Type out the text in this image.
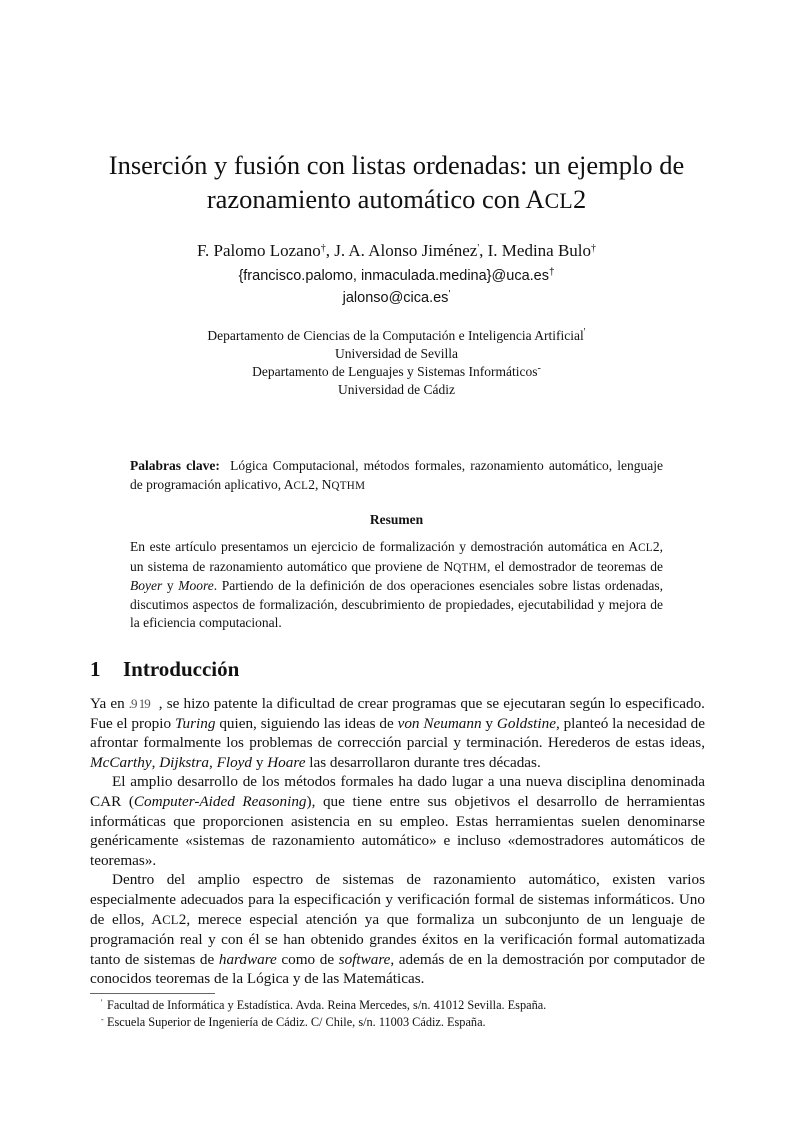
Inserción y fusión con listas ordenadas: un ejemplo de
razonamiento automático con ACL2
F. Palomo Lozano†, J. A. Alonso Jiménez', I. Medina Bulo†
{francisco.palomo, inmaculada.medina}@uca.es†
jalonso@cica.es'
Departamento de Ciencias de la Computación e Inteligencia Artificial'
Universidad de Sevilla
Departamento de Lenguajes y Sistemas Informáticos-
Universidad de Cádiz
Palabras clave: Lógica Computacional, métodos formales, razonamiento automático, lenguaje de programación aplicativo, ACL2, NQTHM
Resumen
En este artículo presentamos un ejercicio de formalización y demostración automática en ACL2, un sistema de razonamiento automático que proviene de NQTHM, el demostrador de teoremas de Boyer y Moore. Partiendo de la definición de dos operaciones esenciales sobre listas ordenadas, discutimos aspectos de formalización, descubrimiento de propiedades, ejecutabilidad y mejora de la eficiencia computacional.
1 Introducción

Ya en .9 19 , se hizo patente la dificultad de crear programas que se ejecutaran según lo especificado. Fue el propio Turing quien, siguiendo las ideas de von Neumann y Goldstine, planteó la necesidad de afrontar formalmente los problemas de corrección parcial y terminación. Herederos de estas ideas, McCarthy, Dijkstra, Floyd y Hoare las desarrollaron durante tres décadas.

El amplio desarrollo de los métodos formales ha dado lugar a una nueva disciplina denominada CAR (Computer-Aided Reasoning), que tiene entre sus objetivos el desarrollo de herramientas informáticas que proporcionen asistencia en su empleo. Estas herramientas suelen denominarse genéricamente «sistemas de razonamiento automático» e incluso «demostradores automáticos de teoremas».

Dentro del amplio espectro de sistemas de razonamiento automático, existen varios especialmente adecuados para la especificación y verificación formal de sistemas informáticos. Uno de ellos, ACL2, merece especial atención ya que formaliza un subconjunto de un lenguaje de programación real y con él se han obtenido grandes éxitos en la verificación formal automatizada tanto de sistemas de hardware como de software, además de en la demostración por computador de conocidos teoremas de la Lógica y de las Matemáticas.

' Facultad de Informática y Estadística. Avda. Reina Mercedes, s/n. 41012 Sevilla. España.
- Escuela Superior de Ingeniería de Cádiz. C/ Chile, s/n. 11003 Cádiz. España.
